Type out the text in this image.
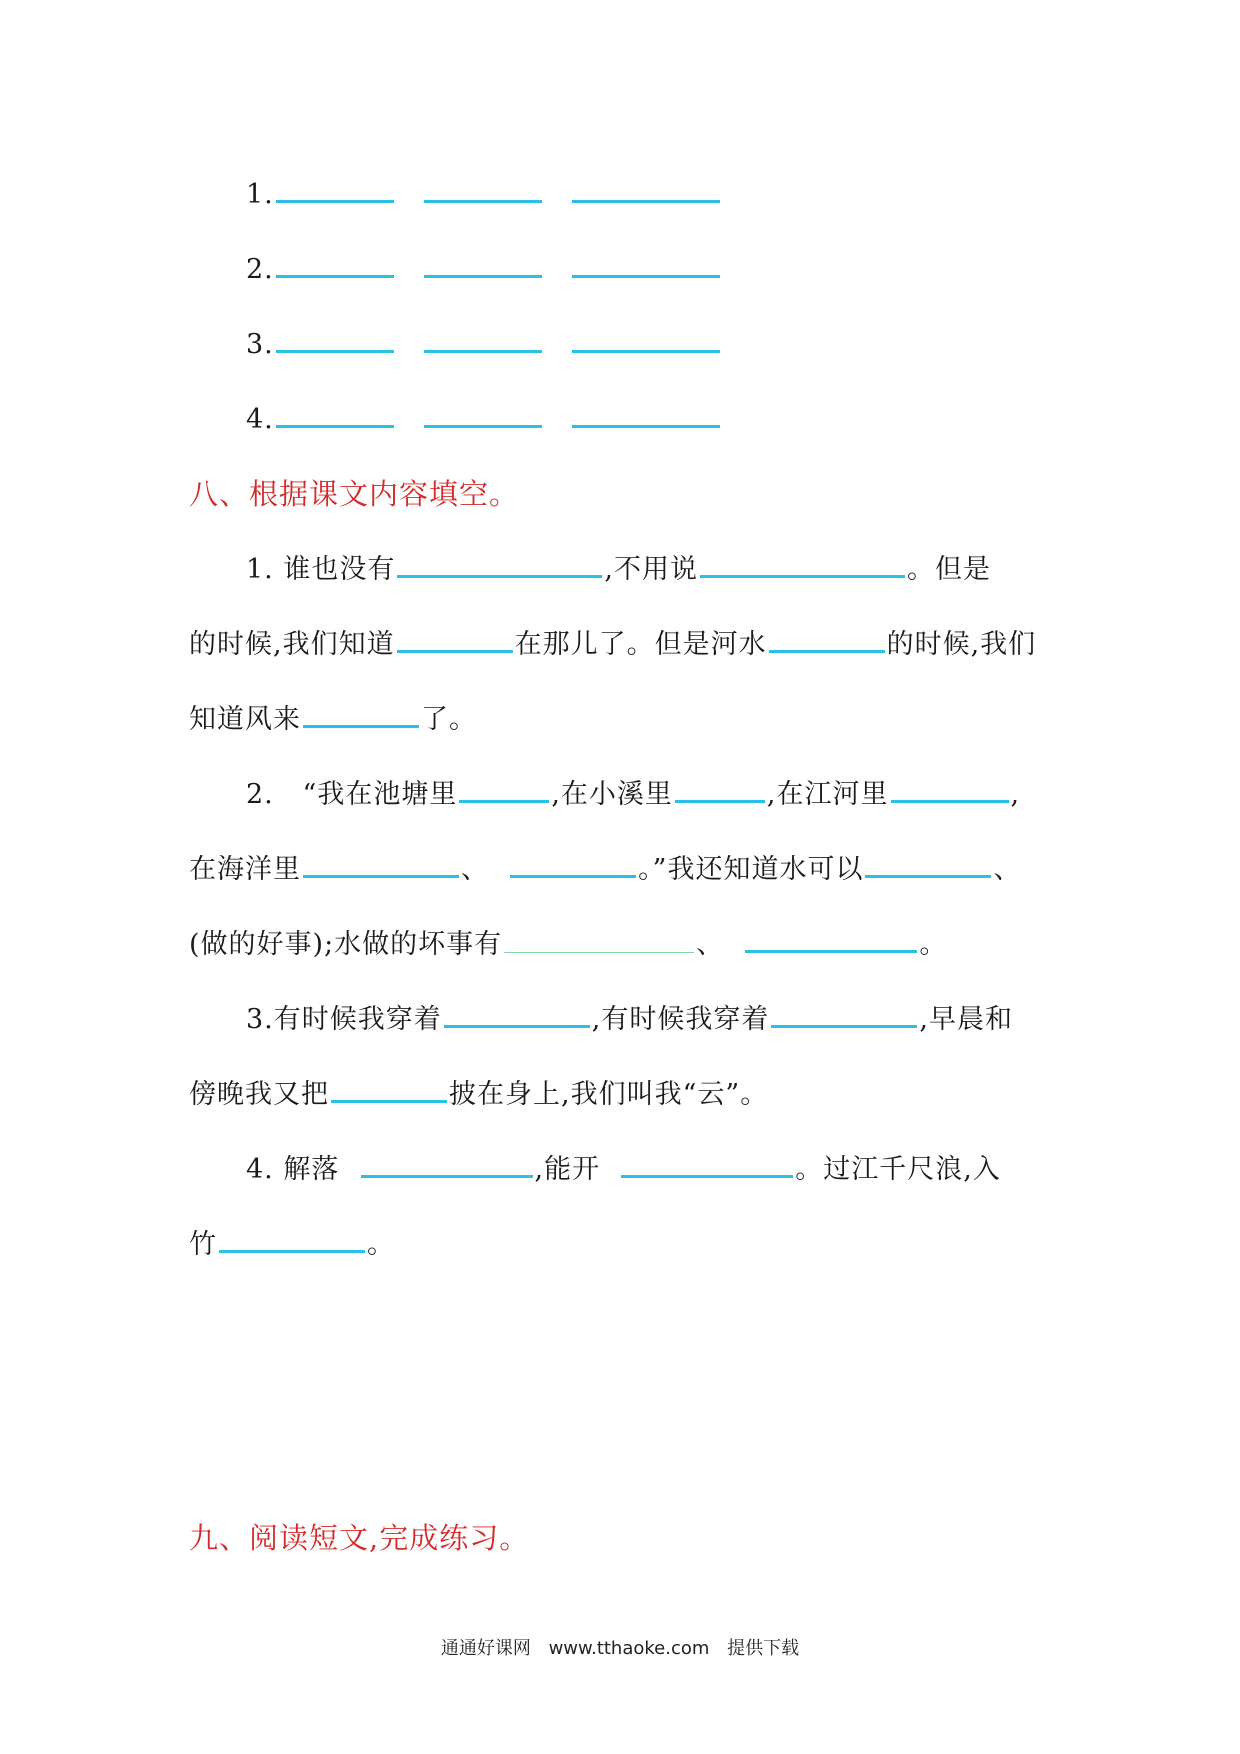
1.
2.
3.
4.
八、根据课文内容填空。
1. 谁也没有	,不用说	。但是
的时候,我们知道	在那儿了。但是河水	的时候,我们
知道风来	了。
2. “我在池塘里	,在小溪里	,在江河里	,
在海洋里	、	。”我还知道水可以	、
(做的好事);水做的坏事有	、	。
3.有时候我穿着	,有时候我穿着	,早晨和
傍晚我又把	披在身上,我们叫我“云”。
4. 解落	,能开	。过江千尺浪,入
竹	。
九、阅读短文,完成练习。
通通好课网 www.tthaoke.com 提供下载
